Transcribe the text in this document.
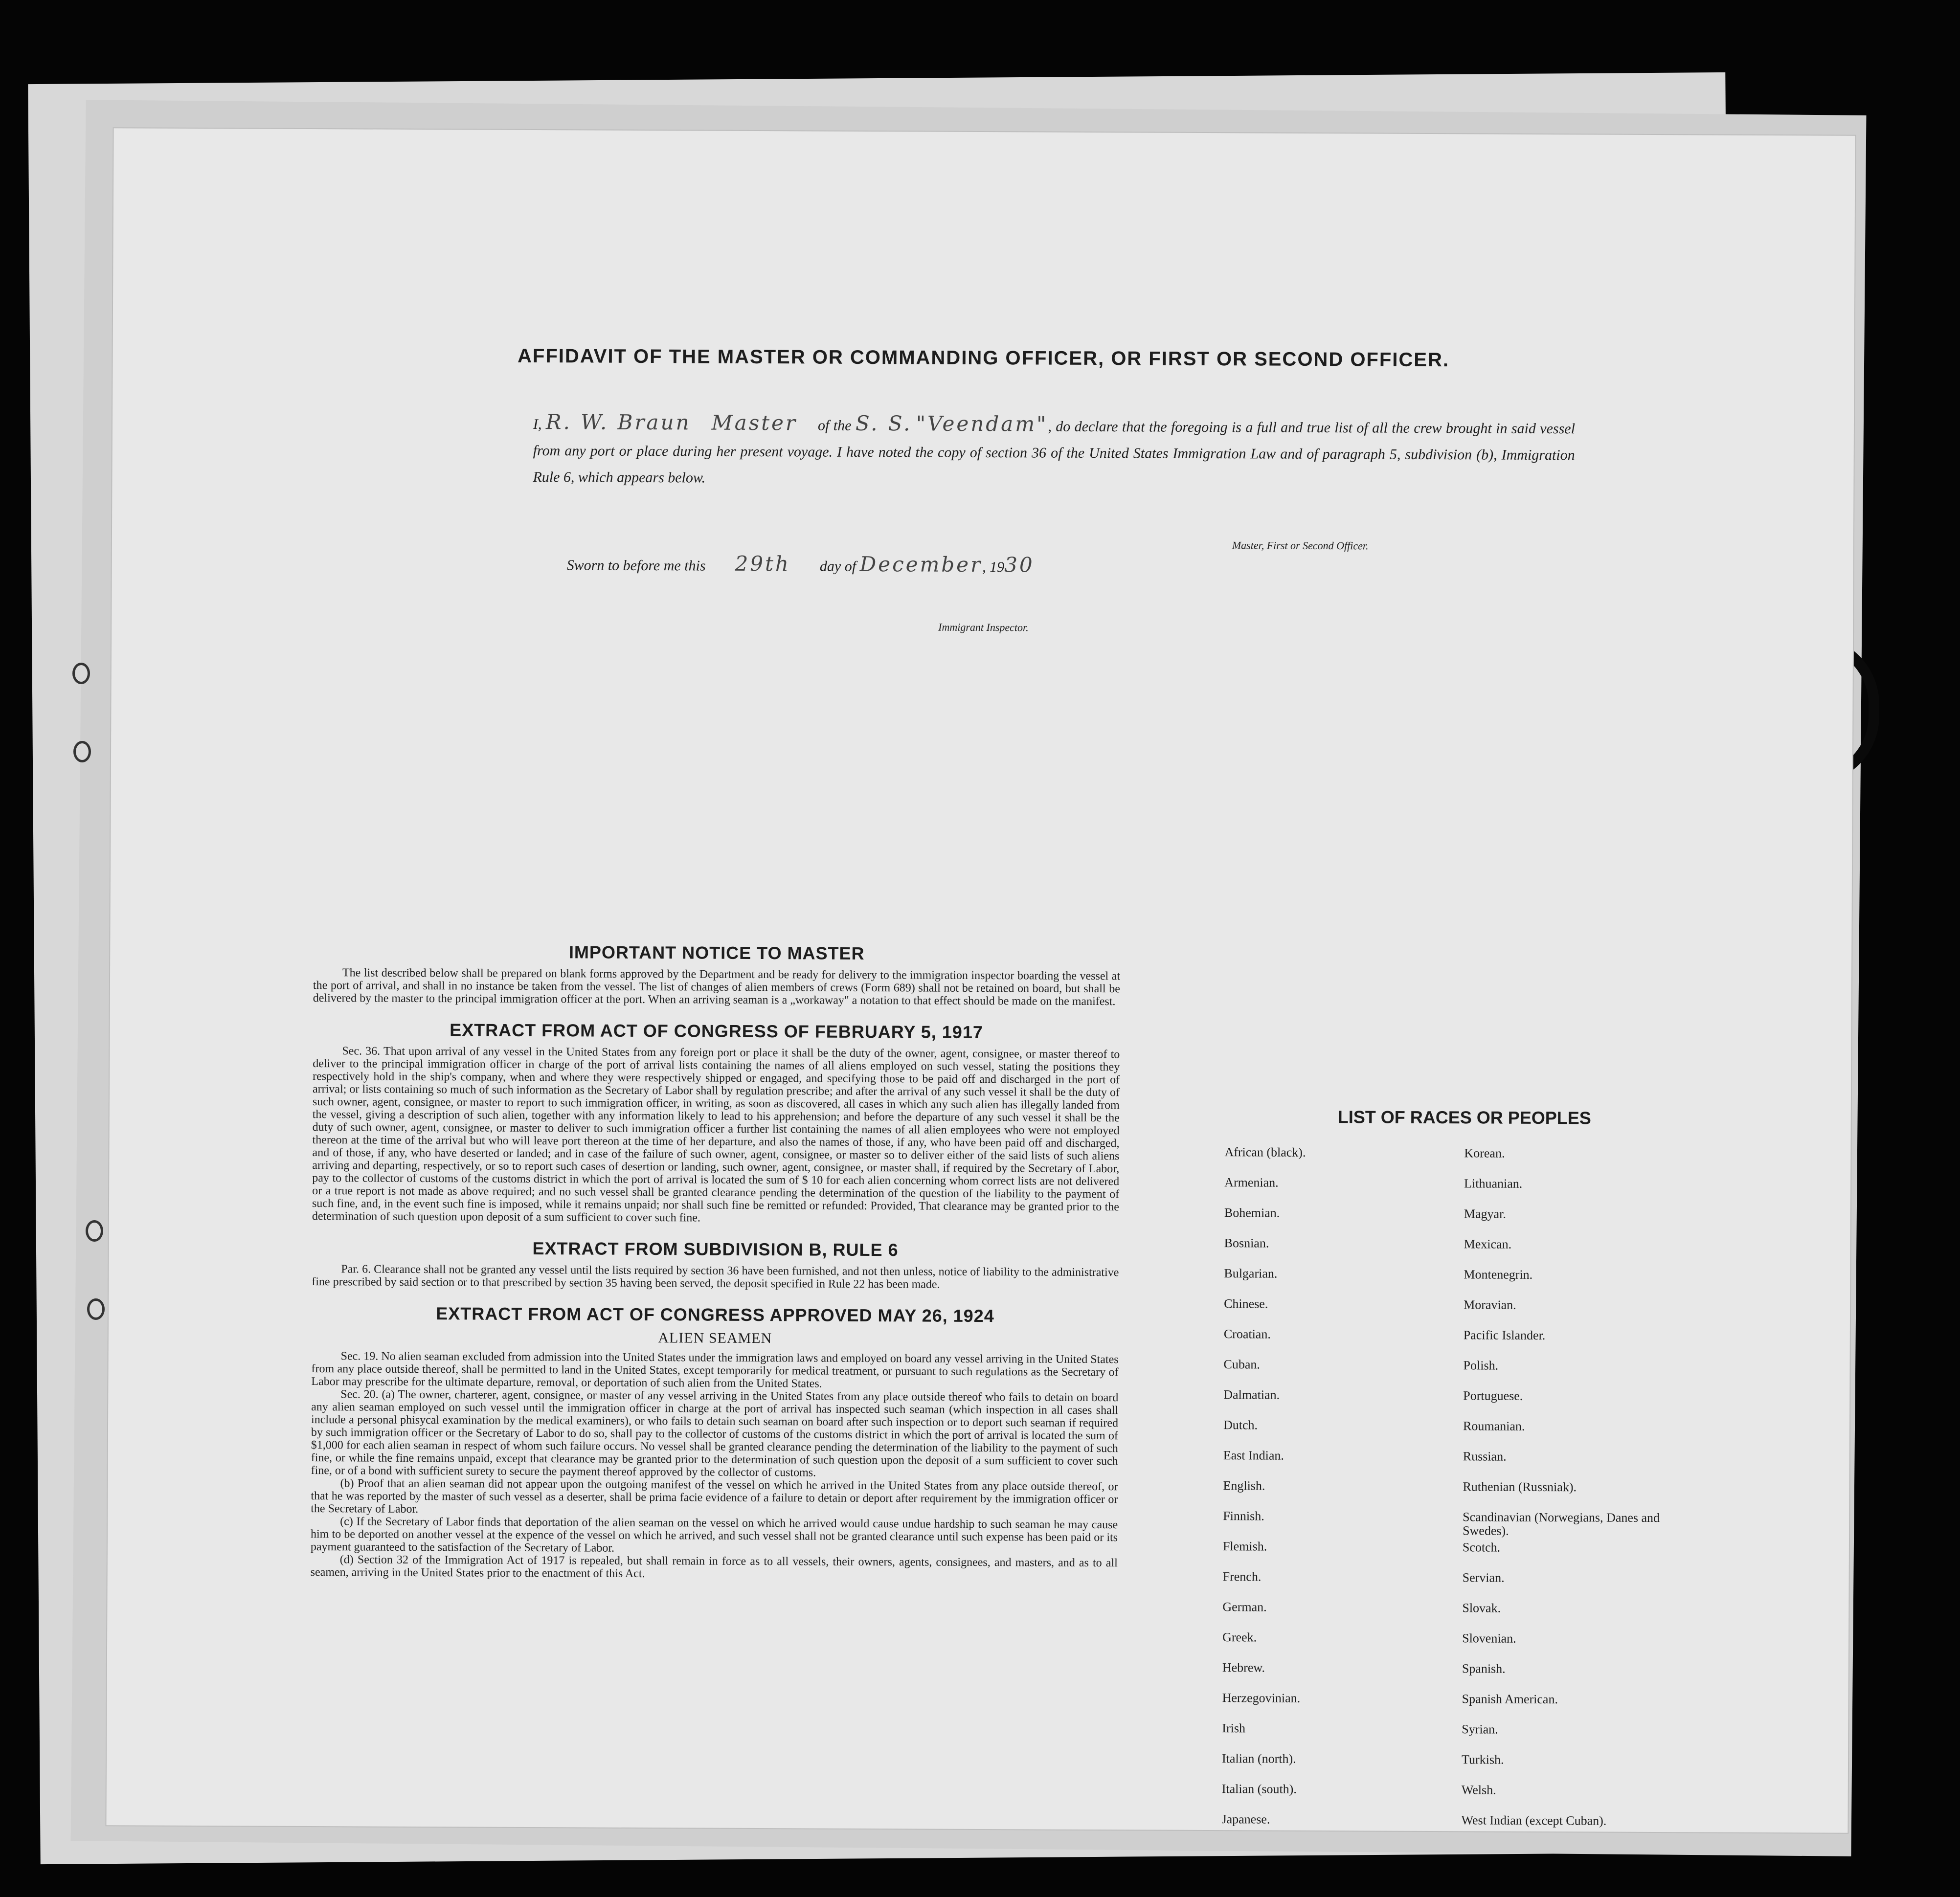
AFFIDAVIT OF THE MASTER OR COMMANDING OFFICER, OR FIRST OR SECOND OFFICER.
I, R. W. Braun Master of the S. S. "Veendam", do declare that the foregoing is a full and true list of all the crew brought in said vessel from any port or place during her present voyage. I have noted the copy of section 36 of the United States Immigration Law and of paragraph 5, subdivision (b), Immigration Rule 6, which appears below.
Master, First or Second Officer.
Sworn to before me this 29th day of December, 1930
Immigrant Inspector.
IMPORTANT NOTICE TO MASTER

The list described below shall be prepared on blank forms approved by the Department and be ready for delivery to the immigration inspector boarding the vessel at the port of arrival, and shall in no instance be taken from the vessel. The list of changes of alien members of crews (Form 689) shall not be retained on board, but shall be delivered by the master to the principal immigration officer at the port. When an arriving seaman is a „workaway" a notation to that effect should be made on the manifest.

EXTRACT FROM ACT OF CONGRESS OF FEBRUARY 5, 1917

Sec. 36. That upon arrival of any vessel in the United States from any foreign port or place it shall be the duty of the owner, agent, consignee, or master thereof to deliver to the principal immigration officer in charge of the port of arrival lists containing the names of all aliens employed on such vessel, stating the positions they respectively hold in the ship's company, when and where they were respectively shipped or engaged, and specifying those to be paid off and discharged in the port of arrival; or lists containing so much of such information as the Secretary of Labor shall by regulation prescribe; and after the arrival of any such vessel it shall be the duty of such owner, agent, consignee, or master to report to such immigration officer, in writing, as soon as discovered, all cases in which any such alien has illegally landed from the vessel, giving a description of such alien, together with any information likely to lead to his apprehension; and before the departure of any such vessel it shall be the duty of such owner, agent, consignee, or master to deliver to such immigration officer a further list containing the names of all alien employees who were not employed thereon at the time of the arrival but who will leave port thereon at the time of her departure, and also the names of those, if any, who have been paid off and discharged, and of those, if any, who have deserted or landed; and in case of the failure of such owner, agent, consignee, or master so to deliver either of the said lists of such aliens arriving and departing, respectively, or so to report such cases of desertion or landing, such owner, agent, consignee, or master shall, if required by the Secretary of Labor, pay to the collector of customs of the customs district in which the port of arrival is located the sum of $ 10 for each alien concerning whom correct lists are not delivered or a true report is not made as above required; and no such vessel shall be granted clearance pending the determination of the question of the liability to the payment of such fine, and, in the event such fine is imposed, while it remains unpaid; nor shall such fine be remitted or refunded: Provided, That clearance may be granted prior to the determination of such question upon deposit of a sum sufficient to cover such fine.

EXTRACT FROM SUBDIVISION B, RULE 6

Par. 6. Clearance shall not be granted any vessel until the lists required by section 36 have been furnished, and not then unless, notice of liability to the administrative fine prescribed by said section or to that prescribed by section 35 having been served, the deposit specified in Rule 22 has been made.

EXTRACT FROM ACT OF CONGRESS APPROVED MAY 26, 1924
ALIEN SEAMEN

Sec. 19. No alien seaman excluded from admission into the United States under the immigration laws and employed on board any vessel arriving in the United States from any place outside thereof, shall be permitted to land in the United States, except temporarily for medical treatment, or pursuant to such regulations as the Secretary of Labor may prescribe for the ultimate departure, removal, or deportation of such alien from the United States.

Sec. 20. (a) The owner, charterer, agent, consignee, or master of any vessel arriving in the United States from any place outside thereof who fails to detain on board any alien seaman employed on such vessel until the immigration officer in charge at the port of arrival has inspected such seaman (which inspection in all cases shall include a personal phisycal examination by the medical examiners), or who fails to detain such seaman on board after such inspection or to deport such seaman if required by such immigration officer or the Secretary of Labor to do so, shall pay to the collector of customs of the customs district in which the port of arrival is located the sum of $1,000 for each alien seaman in respect of whom such failure occurs. No vessel shall be granted clearance pending the determination of the liability to the payment of such fine, or while the fine remains unpaid, except that clearance may be granted prior to the determination of such question upon the deposit of a sum sufficient to cover such fine, or of a bond with sufficient surety to secure the payment thereof approved by the collector of customs.

(b) Proof that an alien seaman did not appear upon the outgoing manifest of the vessel on which he arrived in the United States from any place outside thereof, or that he was reported by the master of such vessel as a deserter, shall be prima facie evidence of a failure to detain or deport after requirement by the immigration officer or the Secretary of Labor.

(c) If the Secretary of Labor finds that deportation of the alien seaman on the vessel on which he arrived would cause undue hardship to such seaman he may cause him to be deported on another vessel at the expence of the vessel on which he arrived, and such vessel shall not be granted clearance until such expense has been paid or its payment guaranteed to the satisfaction of the Secretary of Labor.

(d) Section 32 of the Immigration Act of 1917 is repealed, but shall remain in force as to all vessels, their owners, agents, consignees, and masters, and as to all seamen, arriving in the United States prior to the enactment of this Act.

LIST OF RACES OR PEOPLES
African (black).
Armenian.
Bohemian.
Bosnian.
Bulgarian.
Chinese.
Croatian.
Cuban.
Dalmatian.
Dutch.
East Indian.
English.
Finnish.
Flemish.
French.
German.
Greek.
Hebrew.
Herzegovinian.
Irish
Italian (north).
Italian (south).
Japanese.
Korean.
Lithuanian.
Magyar.
Mexican.
Montenegrin.
Moravian.
Pacific Islander.
Polish.
Portuguese.
Roumanian.
Russian.
Ruthenian (Russniak).
Scandinavian (Norwegians, Danes and Swedes).
Scotch.
Servian.
Slovak.
Slovenian.
Spanish.
Spanish American.
Syrian.
Turkish.
Welsh.
West Indian (except Cuban).
